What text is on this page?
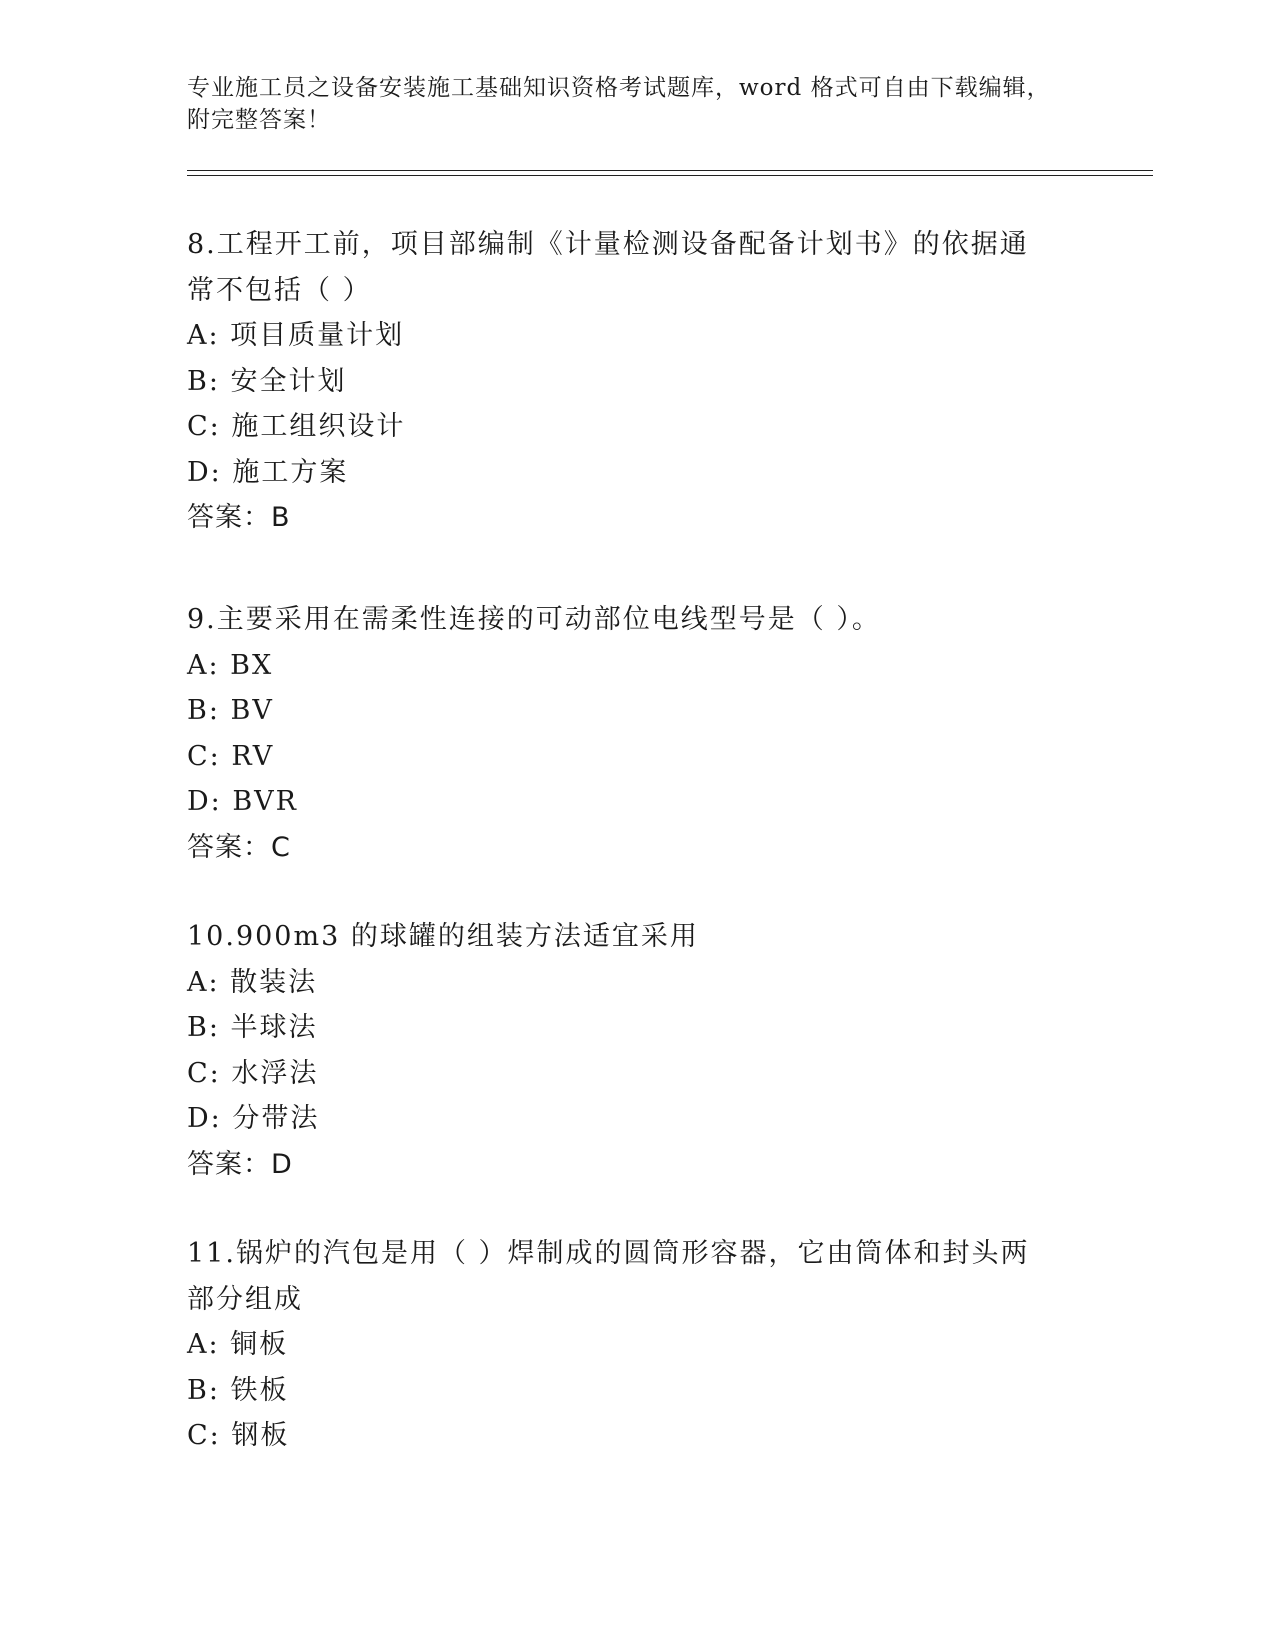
专业施工员之设备安装施工基础知识资格考试题库，word 格式可自由下载编辑，附完整答案！

8.工程开工前，项目部编制《计量检测设备配备计划书》的依据通常不包括（ ）

A: 项目质量计划

B: 安全计划

C: 施工组织设计

D: 施工方案

答案：B

9.主要采用在需柔性连接的可动部位电线型号是（ ）。

A: BX

B: BV

C: RV

D: BVR

答案：C

10.900m3 的球罐的组装方法适宜采用

A: 散装法

B: 半球法

C: 水浮法

D: 分带法

答案：D

11.锅炉的汽包是用（ ）焊制成的圆筒形容器，它由筒体和封头两部分组成

A: 铜板

B: 铁板

C: 钢板
